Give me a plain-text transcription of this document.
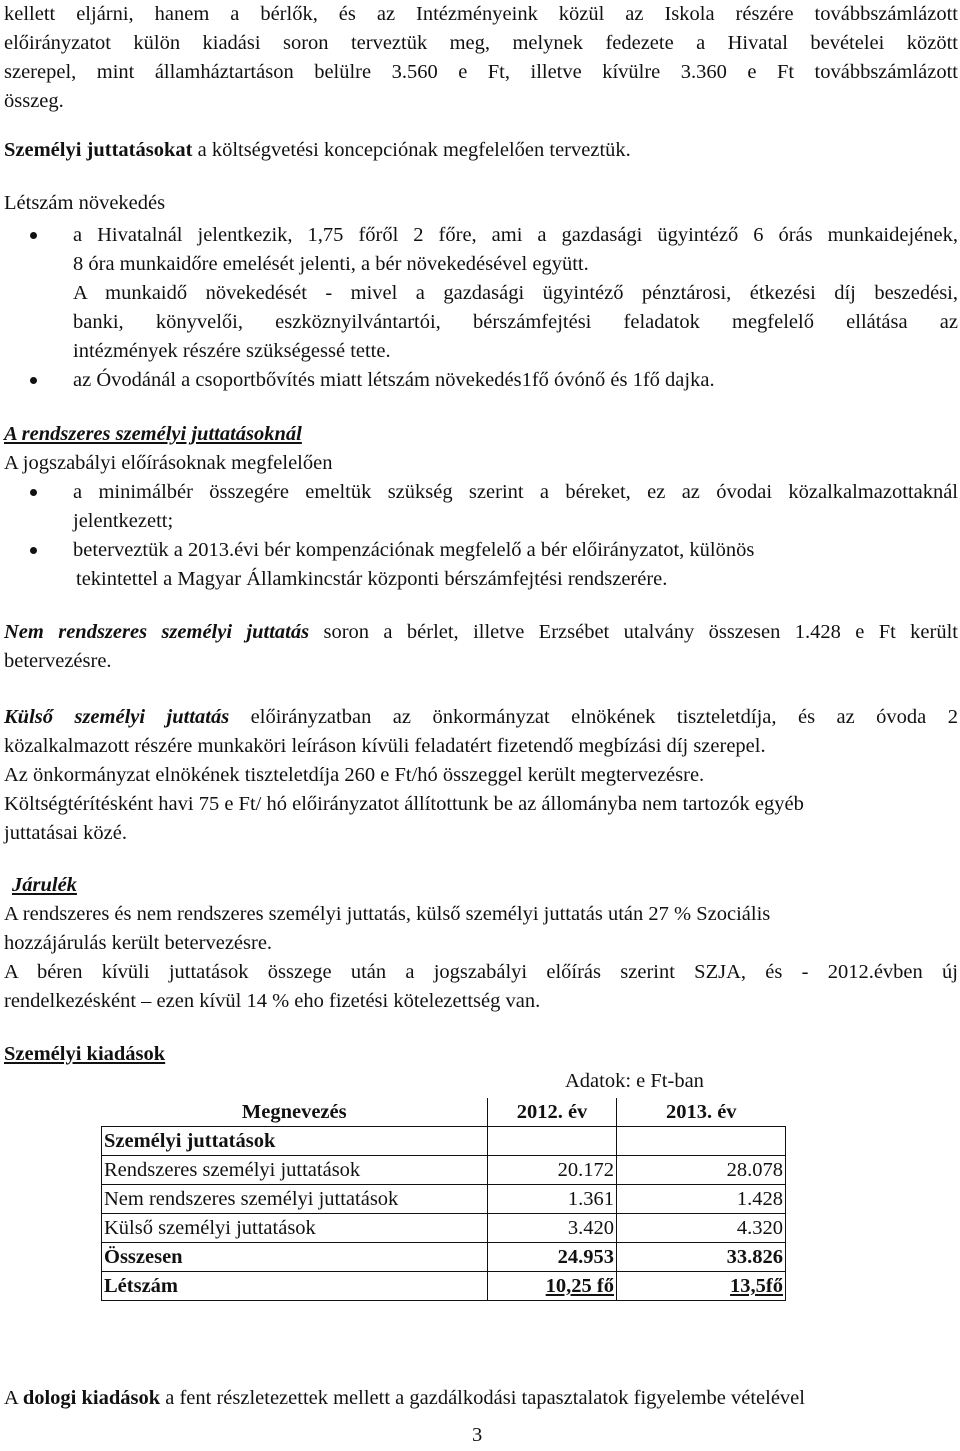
kellett eljárni, hanem a bérlők, és az Intézményeink közül az Iskola részére továbbszámlázott
előirányzatot külön kiadási soron terveztük meg, melynek fedezete a Hivatal bevételei között
szerepel, mint államháztartáson belülre 3.560 e Ft, illetve kívülre 3.360 e Ft továbbszámlázott
összeg.
Személyi juttatásokat a költségvetési koncepciónak megfelelően terveztük.
Létszám növekedés
a Hivatalnál jelentkezik, 1,75 főről 2 főre, ami a gazdasági ügyintéző 6 órás munkaidejének,
8 óra munkaidőre emelését jelenti, a bér növekedésével együtt.
A munkaidő növekedését - mivel a gazdasági ügyintéző pénztárosi, étkezési díj beszedési,
banki, könyvelői, eszköznyilvántartói, bérszámfejtési feladatok megfelelő ellátása az
intézmények részére szükségessé tette.
az Óvodánál a csoportbővítés miatt létszám növekedés1fő óvónő és 1fő dajka.
A rendszeres személyi juttatásoknál
A jogszabályi előírásoknak megfelelően
a minimálbér összegére emeltük szükség szerint a béreket, ez az óvodai közalkalmazottaknál
jelentkezett;
beterveztük a 2013.évi bér kompenzációnak megfelelő a bér előirányzatot, különös
tekintettel a Magyar Államkincstár központi bérszámfejtési rendszerére.
Nem rendszeres személyi juttatás soron a bérlet, illetve Erzsébet utalvány összesen 1.428 e Ft került
betervezésre.
Külső személyi juttatás előirányzatban az önkormányzat elnökének tiszteletdíja, és az óvoda 2
közalkalmazott részére munkaköri leíráson kívüli feladatért fizetendő megbízási díj szerepel.
Az önkormányzat elnökének tiszteletdíja 260 e Ft/hó összeggel került megtervezésre.
Költségtérítésként havi 75 e Ft/ hó előirányzatot állítottunk be az állományba nem tartozók egyéb
juttatásai közé.
Járulék
A rendszeres és nem rendszeres személyi juttatás, külső személyi juttatás után 27 % Szociális
hozzájárulás került betervezésre.
A béren kívüli juttatások összege után a jogszabályi előírás szerint SZJA, és - 2012.évben új
rendelkezésként – ezen kívül 14 % eho fizetési kötelezettség van.
Személyi kiadások
Adatok: e Ft-ban
Megnevezés	2012. év	2013. év
Személyi juttatások		
Rendszeres személyi juttatások	20.172	28.078
Nem rendszeres személyi juttatások	1.361	1.428
Külső személyi juttatások	3.420	4.320
Összesen	24.953	33.826
Létszám	10,25 fő	13,5fő
A dologi kiadások a fent részletezettek mellett a gazdálkodási tapasztalatok figyelembe vételével
3
